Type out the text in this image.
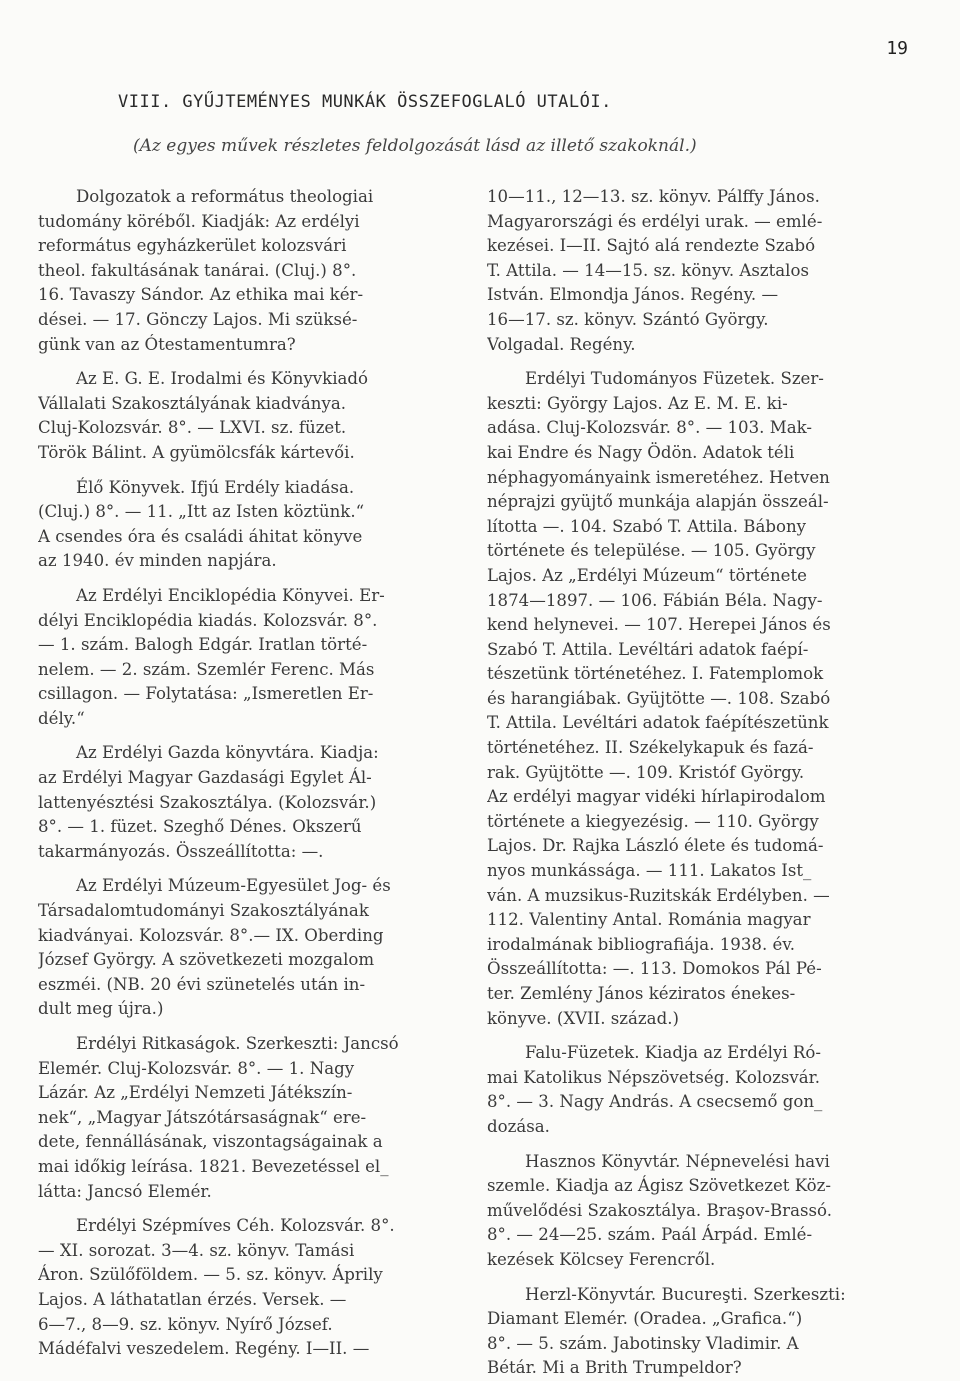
19
VIII. GYŰJTEMÉNYES MUNKÁK ÖSSZEFOGLALÓ UTALÓI.
(Az egyes művek részletes feldolgozását lásd az illető szakoknál.)
Dolgozatok a református theologiai
tudomány köréből. Kiadják: Az erdélyi
református egyházkerület kolozsvári
theol. fakultásának tanárai. (Cluj.) 8°.
16. Tavaszy Sándor. Az ethika mai kér-
dései. — 17. Gönczy Lajos. Mi szüksé-
günk van az Ótestamentumra?
Az E. G. E. Irodalmi és Könyvkiadó
Vállalati Szakosztályának kiadványa.
Cluj-Kolozsvár. 8°. — LXVI. sz. füzet.
Török Bálint. A gyümölcsfák kártevői.
Élő Könyvek. Ifjú Erdély kiadása.
(Cluj.) 8°. — 11. „Itt az Isten köztünk.“
A csendes óra és családi áhitat könyve
az 1940. év minden napjára.
Az Erdélyi Enciklopédia Könyvei. Er-
délyi Enciklopédia kiadás. Kolozsvár. 8°.
— 1. szám. Balogh Edgár. Iratlan törté-
nelem. — 2. szám. Szemlér Ferenc. Más
csillagon. — Folytatása: „Ismeretlen Er-
dély.“
Az Erdélyi Gazda könyvtára. Kiadja:
az Erdélyi Magyar Gazdasági Egylet Ál-
lattenyésztési Szakosztálya. (Kolozsvár.)
8°. — 1. füzet. Szeghő Dénes. Okszerű
takarmányozás. Összeállította: —.
Az Erdélyi Múzeum-Egyesület Jog- és
Társadalomtudományi Szakosztályának
kiadványai. Kolozsvár. 8°.— IX. Oberding
József György. A szövetkezeti mozgalom
eszméi. (NB. 20 évi szünetelés után in-
dult meg újra.)
Erdélyi Ritkaságok. Szerkeszti: Jancsó
Elemér. Cluj-Kolozsvár. 8°. — 1. Nagy
Lázár. Az „Erdélyi Nemzeti Játékszín-
nek“, „Magyar Játszótársaságnak“ ere-
dete, fennállásának, viszontagságainak a
mai időkig leírása. 1821. Bevezetéssel el_
látta: Jancsó Elemér.
Erdélyi Szépmíves Céh. Kolozsvár. 8°.
— XI. sorozat. 3—4. sz. könyv. Tamási
Áron. Szülőföldem. — 5. sz. könyv. Áprily
Lajos. A láthatatlan érzés. Versek. —
6—7., 8—9. sz. könyv. Nyírő József.
Mádéfalvi veszedelem. Regény. I—II. —
10—11., 12—13. sz. könyv. Pálffy János.
Magyarországi és erdélyi urak. — emlé-
kezései. I—II. Sajtó alá rendezte Szabó
T. Attila. — 14—15. sz. könyv. Asztalos
István. Elmondja János. Regény. —
16—17. sz. könyv. Szántó György.
Volgadal. Regény.
Erdélyi Tudományos Füzetek. Szer-
keszti: György Lajos. Az E. M. E. ki-
adása. Cluj-Kolozsvár. 8°. — 103. Mak-
kai Endre és Nagy Ödön. Adatok téli
néphagyományaink ismeretéhez. Hetven
néprajzi gyüjtő munkája alapján összeál-
lította —. 104. Szabó T. Attila. Bábony
története és települése. — 105. György
Lajos. Az „Erdélyi Múzeum“ története
1874—1897. — 106. Fábián Béla. Nagy-
kend helynevei. — 107. Herepei János és
Szabó T. Attila. Levéltári adatok faépí-
tészetünk történetéhez. I. Fatemplomok
és harangiábak. Gyüjtötte —. 108. Szabó
T. Attila. Levéltári adatok faépítészetünk
történetéhez. II. Székelykapuk és fazá-
rak. Gyüjtötte —. 109. Kristóf György.
Az erdélyi magyar vidéki hírlapirodalom
története a kiegyezésig. — 110. György
Lajos. Dr. Rajka László élete és tudomá-
nyos munkássága. — 111. Lakatos Ist_
ván. A muzsikus-Ruzitskák Erdélyben. —
112. Valentiny Antal. Románia magyar
irodalmának bibliografiája. 1938. év.
Összeállította: —. 113. Domokos Pál Pé-
ter. Zemlény János kéziratos énekes-
könyve. (XVII. század.)
Falu-Füzetek. Kiadja az Erdélyi Ró-
mai Katolikus Népszövetség. Kolozsvár.
8°. — 3. Nagy András. A csecsemő gon_
dozása.
Hasznos Könyvtár. Népnevelési havi
szemle. Kiadja az Ágisz Szövetkezet Köz-
művelődési Szakosztálya. Braşov-Brassó.
8°. — 24—25. szám. Paál Árpád. Emlé-
kezések Kölcsey Ferencről.
Herzl-Könyvtár. Bucureşti. Szerkeszti:
Diamant Elemér. (Oradea. „Grafica.“)
8°. — 5. szám. Jabotinsky Vladimir. A
Bétár. Mi a Brith Trumpeldor?
